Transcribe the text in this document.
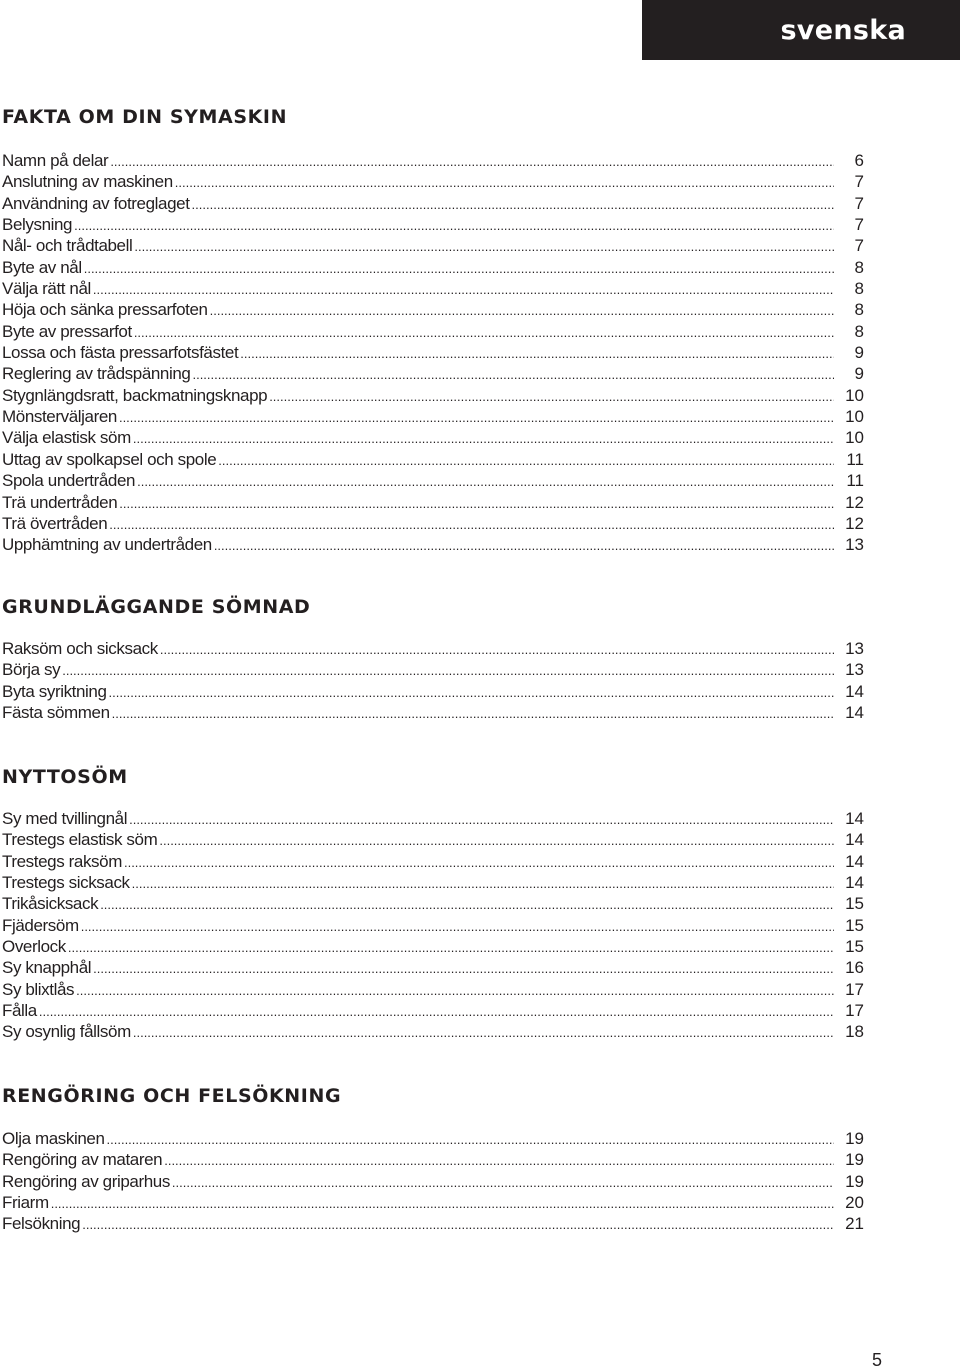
svenska
FAKTA OM DIN SYMASKIN
Namn på delar .....	6
Anslutning av maskinen .....	7
Användning av fotreglaget .....	7
Belysning .....	7
Nål- och trådtabell .....	7
Byte av nål .....	8
Välja rätt nål .....	8
Höja och sänka pressarfoten .....	8
Byte av pressarfot .....	8
Lossa och fästa pressarfotsfästet .....	9
Reglering av trådspänning .....	9
Stygnlängdsratt, backmatningsknapp .....	10
Mönsterväljaren .....	10
Välja elastisk söm .....	10
Uttag av spolkapsel och spole .....	11
Spola undertråden .....	11
Trä undertråden .....	12
Trä övertråden .....	12
Upphämtning av undertråden .....	13
GRUNDLÄGGANDE SÖMNAD
Raksöm och sicksack .....	13
Börja sy .....	13
Byta syriktning .....	14
Fästa sömmen .....	14
NYTTOSÖM
Sy med tvillingnål .....	14
Trestegs elastisk söm .....	14
Trestegs raksöm .....	14
Trestegs sicksack .....	14
Trikåsicksack .....	15
Fjädersöm .....	15
Overlock .....	15
Sy knapphål .....	16
Sy blixtlås .....	17
Fålla .....	17
Sy osynlig fållsöm .....	18
RENGÖRING OCH FELSÖKNING
Olja maskinen .....	19
Rengöring av mataren .....	19
Rengöring av griparhus .....	19
Friarm .....	20
Felsökning .....	21
5
